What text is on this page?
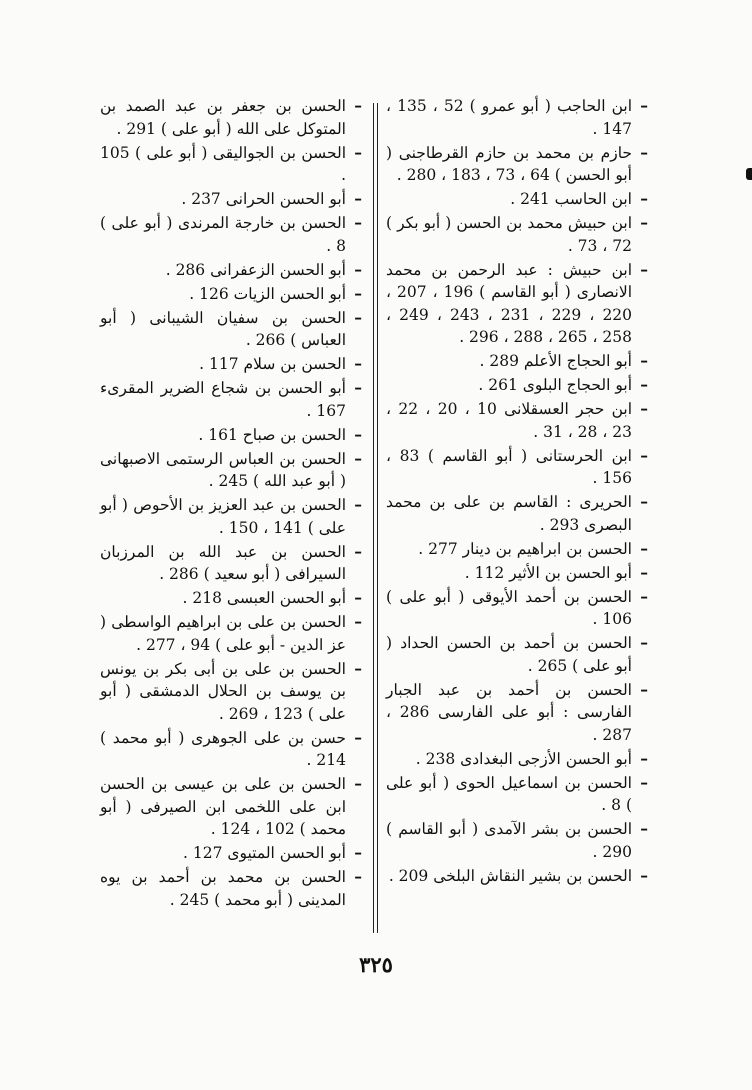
– ابن الحاجب ( أبو عمرو ) 52 ، 135 ، 147 .
– حازم بن محمد بن حازم القرطاجنى ( أبو الحسن ) 64 ، 73 ، 183 ، 280 .
– ابن الحاسب 241 .
– ابن حبيش محمد بن الحسن ( أبو بكر ) 72 ، 73 .
– ابن حبيش : عبد الرحمن بن محمد الانصارى ( أبو القاسم ) 196 ، 207 ، 220 ، 229 ، 231 ، 243 ، 249 ، 258 ، 265 ، 288 ، 296 .
– أبو الحجاج الأعلم 289 .
– أبو الحجاج البلوى 261 .
– ابن حجر العسقلانى 10 ، 20 ، 22 ، 23 ، 28 ، 31 .
– ابن الحرستانى ( أبو القاسم ) 83 ، 156 .
– الحريرى : القاسم بن على بن محمد البصرى 293 .
– الحسن بن ابراهيم بن دينار 277 .
– أبو الحسن بن الأثير 112 .
– الحسن بن أحمد الأيوقى ( أبو على ) 106 .
– الحسن بن أحمد بن الحسن الحداد ( أبو على ) 265 .
– الحسن بن أحمد بن عبد الجبار الفارسى : أبو على الفارسى 286 ، 287 .
– أبو الحسن الأزجى البغدادى 238 .
– الحسن بن اسماعيل الحوى ( أبو على ) 8 .
– الحسن بن بشر الآمدى ( أبو القاسم ) 290 .
– الحسن بن بشير النقاش البلخى 209 .
– الحسن بن جعفر بن عبد الصمد بن المتوكل على الله ( أبو على ) 291 .
– الحسن بن الجواليقى ( أبو على ) 105 .
– أبو الحسن الحرانى 237 .
– الحسن بن خارجة المرندى ( أبو على ) 8 .
– أبو الحسن الزعفرانى 286 .
– أبو الحسن الزيات 126 .
– الحسن بن سفيان الشيبانى ( أبو العباس ) 266 .
– الحسن بن سلام 117 .
– أبو الحسن بن شجاع الضرير المقرىء 167 .
– الحسن بن صباح 161 .
– الحسن بن العباس الرستمى الاصبهانى ( أبو عبد الله ) 245 .
– الحسن بن عبد العزيز بن الأحوص ( أبو على ) 141 ، 150 .
– الحسن بن عبد الله بن المرزبان السيرافى ( أبو سعيد ) 286 .
– أبو الحسن العبسى 218 .
– الحسن بن على بن ابراهيم الواسطى ( عز الدين - أبو على ) 94 ، 277 .
– الحسن بن على بن أبى بكر بن يونس بن يوسف بن الحلال الدمشقى ( أبو على ) 123 ، 269 .
– حسن بن على الجوهرى ( أبو محمد ) 214 .
– الحسن بن على بن عيسى بن الحسن ابن على اللخمى ابن الصيرفى ( أبو محمد ) 102 ، 124 .
– أبو الحسن المتيوى 127 .
– الحسن بن محمد بن أحمد بن يوه المدينى ( أبو محمد ) 245 .
٣٢٥
